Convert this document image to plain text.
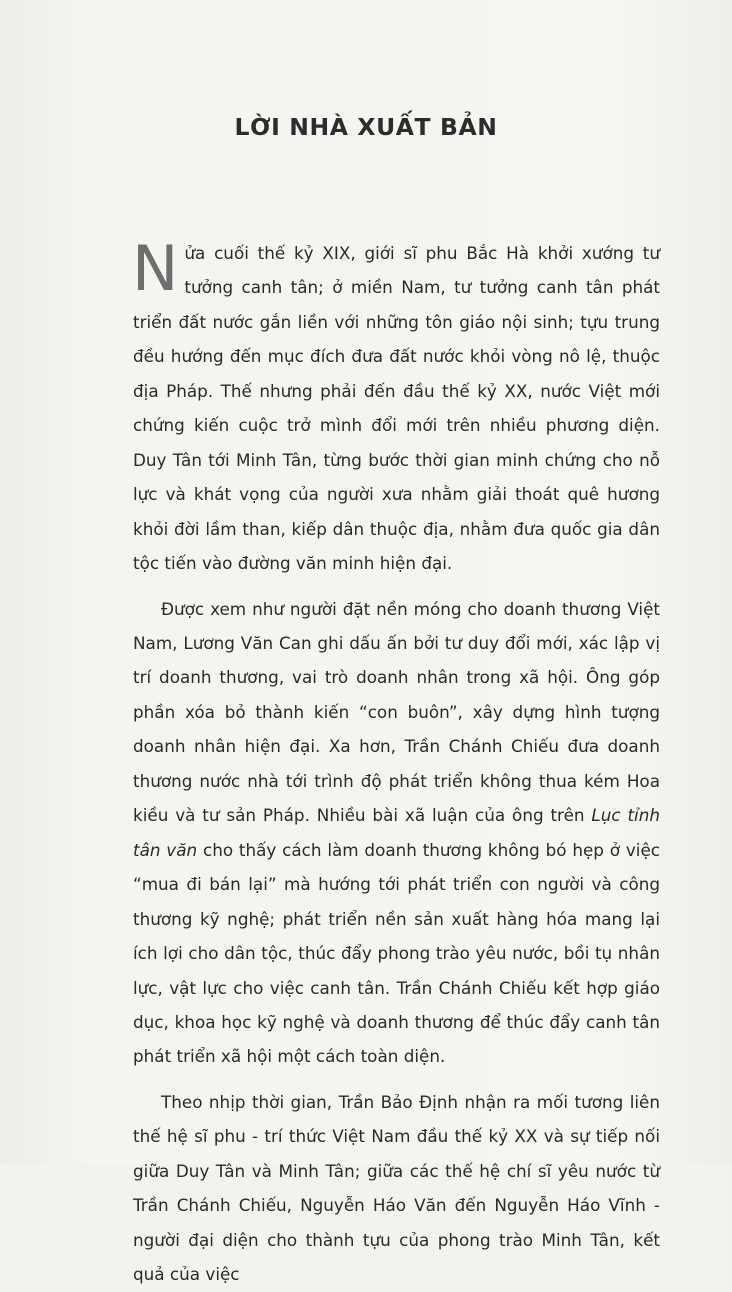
LỜI NHÀ XUẤT BẢN

Nửa cuối thế kỷ XIX, giới sĩ phu Bắc Hà khởi xướng tư tưởng canh tân; ở miền Nam, tư tưởng canh tân phát triển đất nước gắn liền với những tôn giáo nội sinh; tựu trung đều hướng đến mục đích đưa đất nước khỏi vòng nô lệ, thuộc địa Pháp. Thế nhưng phải đến đầu thế kỷ XX, nước Việt mới chứng kiến cuộc trở mình đổi mới trên nhiều phương diện. Duy Tân tới Minh Tân, từng bước thời gian minh chứng cho nỗ lực và khát vọng của người xưa nhằm giải thoát quê hương khỏi đời lầm than, kiếp dân thuộc địa, nhằm đưa quốc gia dân tộc tiến vào đường văn minh hiện đại.

Được xem như người đặt nền móng cho doanh thương Việt Nam, Lương Văn Can ghi dấu ấn bởi tư duy đổi mới, xác lập vị trí doanh thương, vai trò doanh nhân trong xã hội. Ông góp phần xóa bỏ thành kiến “con buôn”, xây dựng hình tượng doanh nhân hiện đại. Xa hơn, Trần Chánh Chiếu đưa doanh thương nước nhà tới trình độ phát triển không thua kém Hoa kiều và tư sản Pháp. Nhiều bài xã luận của ông trên Lục tỉnh tân văn cho thấy cách làm doanh thương không bó hẹp ở việc “mua đi bán lại” mà hướng tới phát triển con người và công thương kỹ nghệ; phát triển nền sản xuất hàng hóa mang lại ích lợi cho dân tộc, thúc đẩy phong trào yêu nước, bồi tụ nhân lực, vật lực cho việc canh tân. Trần Chánh Chiếu kết hợp giáo dục, khoa học kỹ nghệ và doanh thương để thúc đẩy canh tân phát triển xã hội một cách toàn diện.

Theo nhịp thời gian, Trần Bảo Định nhận ra mối tương liên thế hệ sĩ phu - trí thức Việt Nam đầu thế kỷ XX và sự tiếp nối giữa Duy Tân và Minh Tân; giữa các thế hệ chí sĩ yêu nước từ Trần Chánh Chiếu, Nguyễn Háo Văn đến Nguyễn Háo Vĩnh - người đại diện cho thành tựu của phong trào Minh Tân, kết quả của việc
